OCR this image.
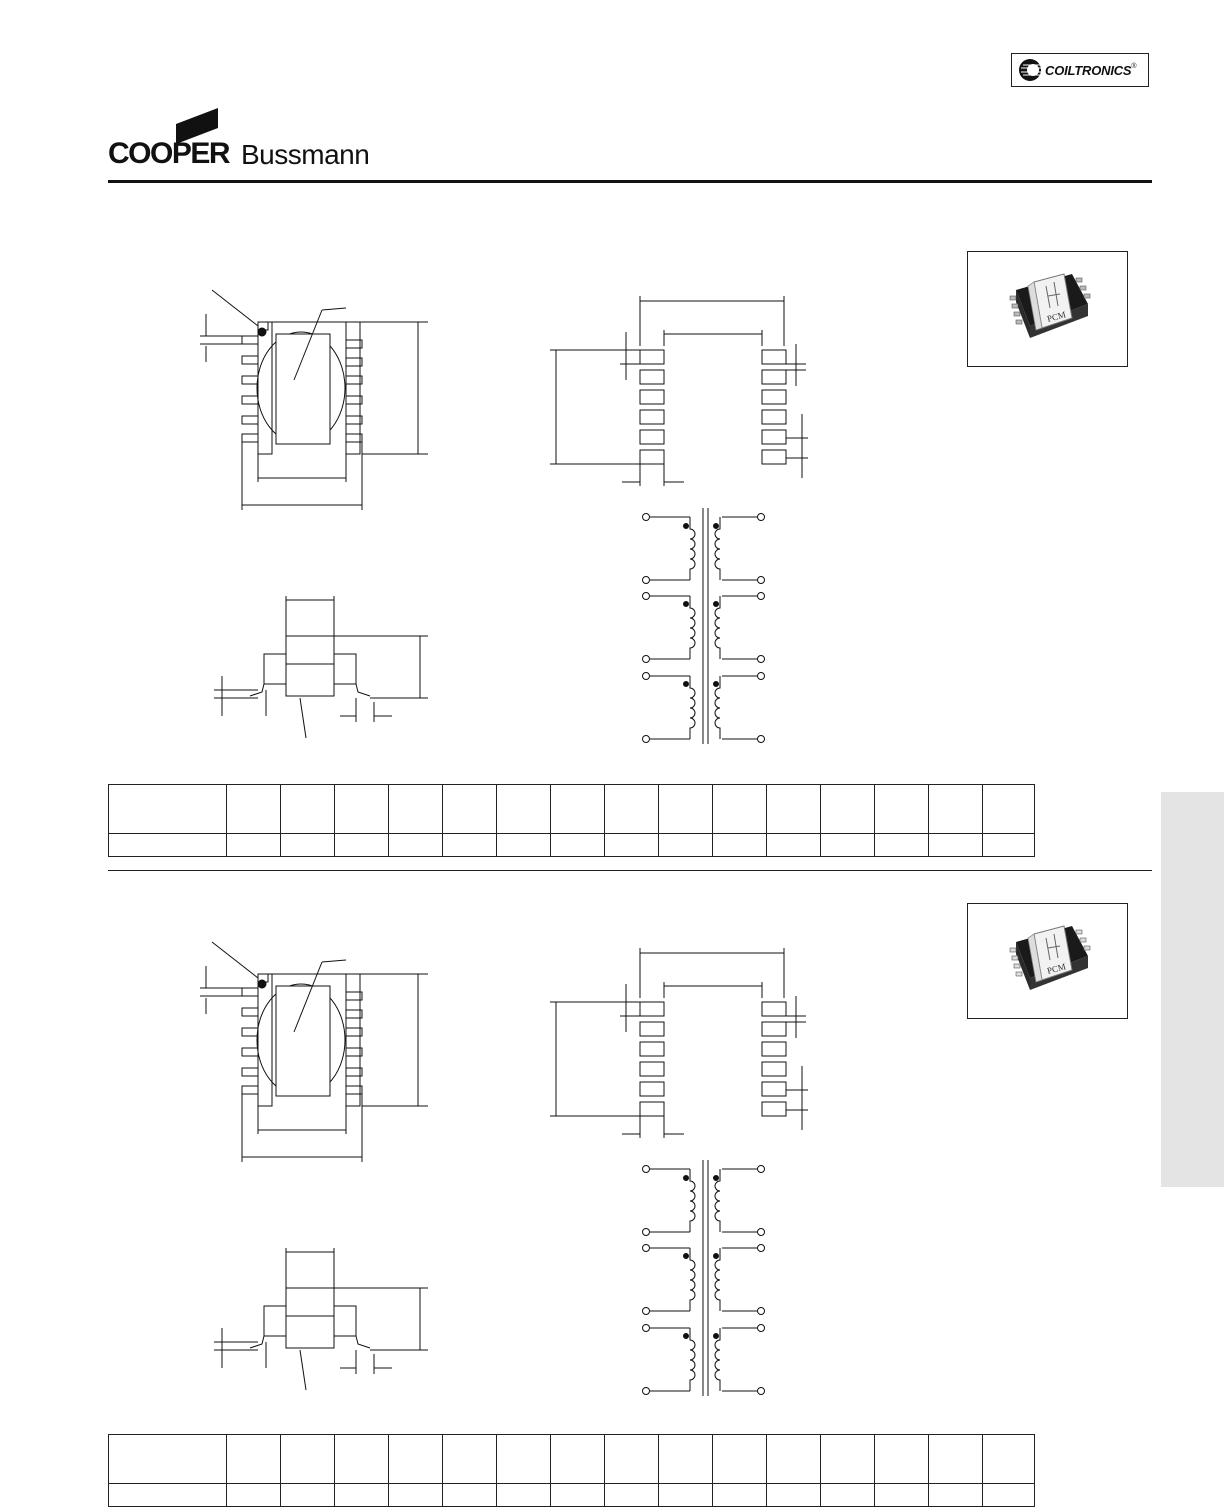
COILTRONICS ®
COOPER Bussmann
PCM
PCM
